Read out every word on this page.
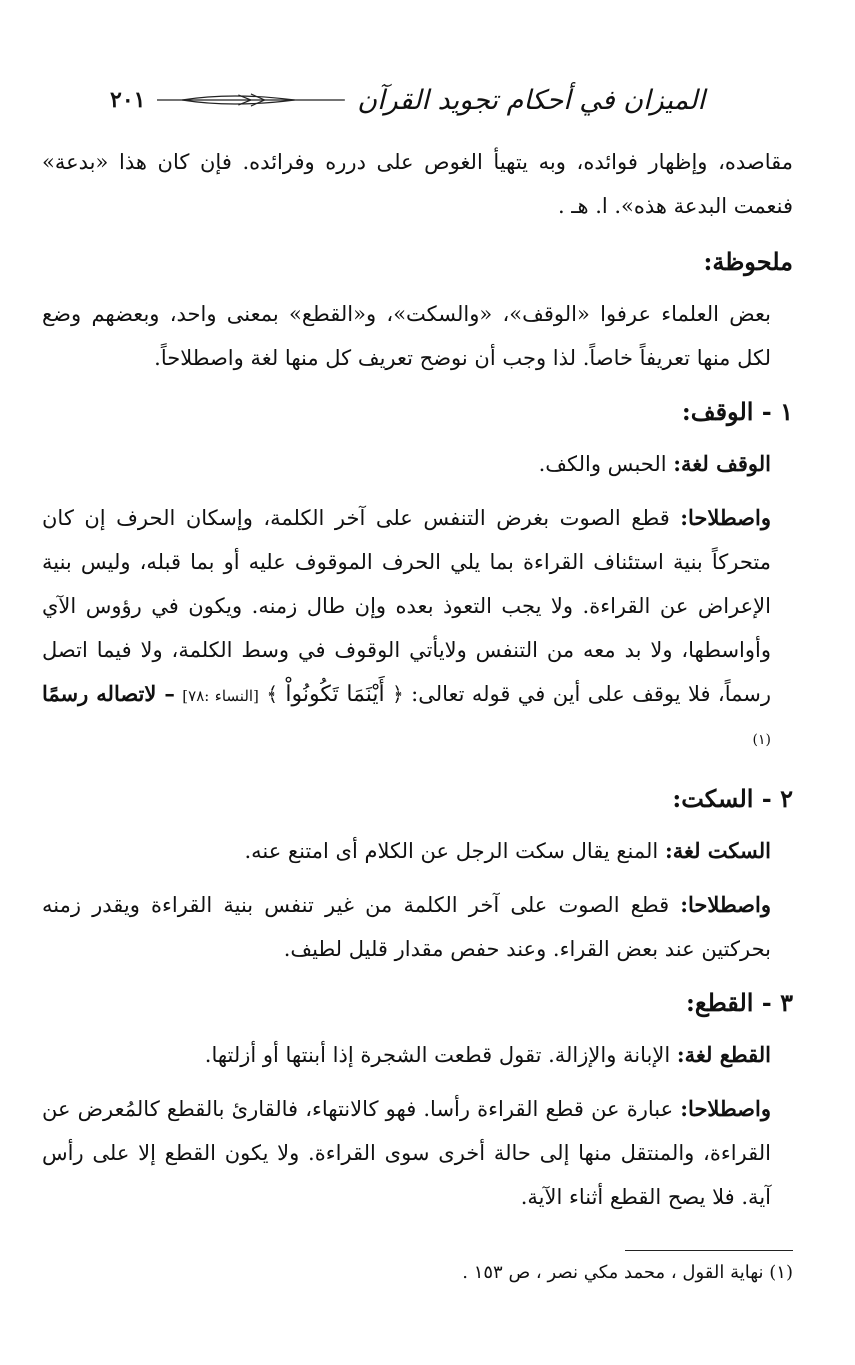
الميزان في أحكام تجويد القرآن
٢٠١

مقاصده، وإظهار فوائده، وبه يتهيأ الغوص على درره وفرائده. فإن كان هذا «بدعة» فنعمت البدعة هذه». ا. هـ .

ملحوظة:

بعض العلماء عرفوا «الوقف»، «والسكت»، و«القطع» بمعنى واحد، وبعضهم وضع لكل منها تعريفاً خاصاً. لذا وجب أن نوضح تعريف كل منها لغة واصطلاحاً.

١ - الوقف:

الوقف لغة: الحبس والكف.

واصطلاحا: قطع الصوت بغرض التنفس على آخر الكلمة، وإسكان الحرف إن كان متحركاً بنية استئناف القراءة بما يلي الحرف الموقوف عليه أو بما قبله، وليس بنية الإعراض عن القراءة. ولا يجب التعوذ بعده وإن طال زمنه. ويكون في رؤوس الآي وأواسطها، ولا بد معه من التنفس ولايأتي الوقوف في وسط الكلمة، ولا فيما اتصل رسماً، فلا يوقف على أين في قوله تعالى: ﴿ أَيْنَمَا تَكُونُواْ ﴾ [النساء :٧٨] – لاتصاله رسمًا $^{(١)}$

٢ - السكت:

السكت لغة: المنع يقال سكت الرجل عن الكلام أى امتنع عنه.

واصطلاحا: قطع الصوت على آخر الكلمة من غير تنفس بنية القراءة ويقدر زمنه بحركتين عند بعض القراء. وعند حفص مقدار قليل لطيف.

٣ - القطع:

القطع لغة: الإبانة والإزالة. تقول قطعت الشجرة إذا أبنتها أو أزلتها.

واصطلاحا: عبارة عن قطع القراءة رأسا. فهو كالانتهاء، فالقارئ بالقطع كالمُعرض عن القراءة، والمنتقل منها إلى حالة أخرى سوى القراءة. ولا يكون القطع إلا على رأس آية. فلا يصح القطع أثناء الآية.

(١) نهاية القول ، محمد مكي نصر ، ص ١٥٣ .
